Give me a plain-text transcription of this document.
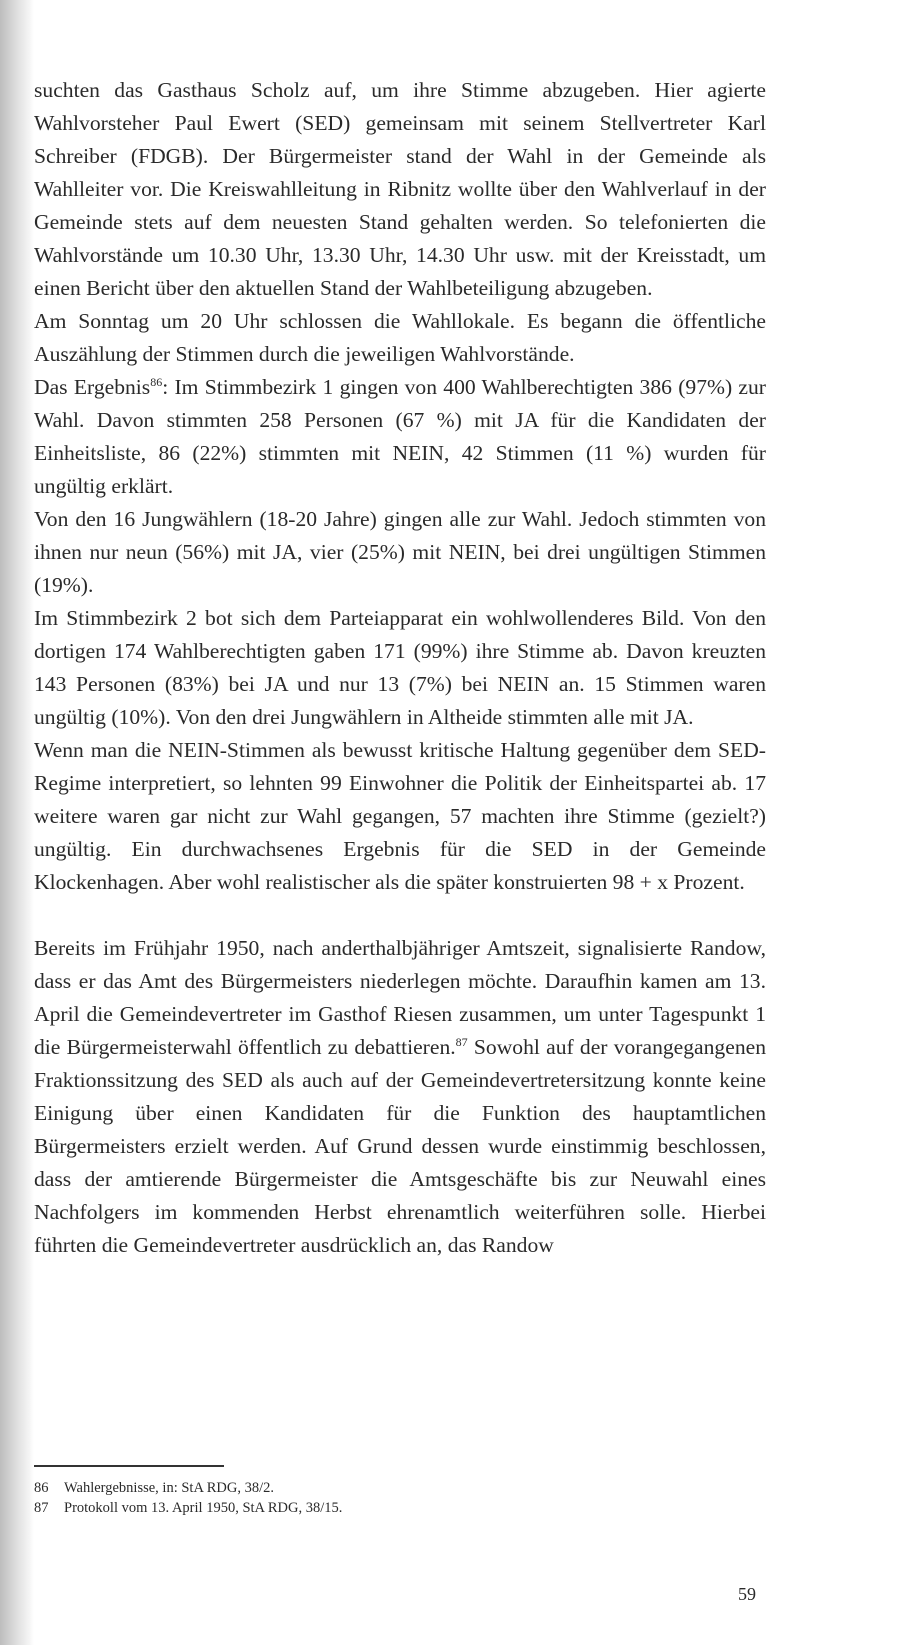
suchten das Gasthaus Scholz auf, um ihre Stimme abzugeben. Hier agierte Wahlvorsteher Paul Ewert (SED) gemeinsam mit seinem Stellvertreter Karl Schreiber (FDGB). Der Bürgermeister stand der Wahl in der Gemeinde als Wahlleiter vor. Die Kreiswahlleitung in Ribnitz wollte über den Wahlverlauf in der Gemeinde stets auf dem neuesten Stand gehalten werden. So telefonierten die Wahlvorstände um 10.30 Uhr, 13.30 Uhr, 14.30 Uhr usw. mit der Kreisstadt, um einen Bericht über den aktuellen Stand der Wahlbeteiligung abzugeben.

Am Sonntag um 20 Uhr schlossen die Wahllokale. Es begann die öffentliche Auszählung der Stimmen durch die jeweiligen Wahlvorstände.

Das Ergebnis$^{86}$: Im Stimmbezirk 1 gingen von 400 Wahlberechtigten 386 (97%) zur Wahl. Davon stimmten 258 Personen (67 %) mit JA für die Kandidaten der Einheitsliste, 86 (22%) stimmten mit NEIN, 42 Stimmen (11 %) wurden für ungültig erklärt.

Von den 16 Jungwählern (18-20 Jahre) gingen alle zur Wahl. Jedoch stimmten von ihnen nur neun (56%) mit JA, vier (25%) mit NEIN, bei drei ungültigen Stimmen (19%).

Im Stimmbezirk 2 bot sich dem Parteiapparat ein wohlwollenderes Bild. Von den dortigen 174 Wahlberechtigten gaben 171 (99%) ihre Stimme ab. Davon kreuzten 143 Personen (83%) bei JA und nur 13 (7%) bei NEIN an. 15 Stimmen waren ungültig (10%). Von den drei Jungwählern in Altheide stimmten alle mit JA.

Wenn man die NEIN-Stimmen als bewusst kritische Haltung gegenüber dem SED-Regime interpretiert, so lehnten 99 Einwohner die Politik der Einheitspartei ab. 17 weitere waren gar nicht zur Wahl gegangen, 57 machten ihre Stimme (gezielt?) ungültig. Ein durchwachsenes Ergebnis für die SED in der Gemeinde Klockenhagen. Aber wohl realistischer als die später konstruierten 98 + x Prozent.

Bereits im Frühjahr 1950, nach anderthalbjähriger Amtszeit, signalisierte Randow, dass er das Amt des Bürgermeisters niederlegen möchte. Daraufhin kamen am 13. April die Gemeindevertreter im Gasthof Riesen zusammen, um unter Tagespunkt 1 die Bürgermeisterwahl öffentlich zu debattieren.$^{87}$ Sowohl auf der vorangegangenen Fraktionssitzung des SED als auch auf der Gemeindevertretersitzung konnte keine Einigung über einen Kandidaten für die Funktion des hauptamtlichen Bürgermeisters erzielt werden. Auf Grund dessen wurde einstimmig beschlossen, dass der amtierende Bürgermeister die Amtsgeschäfte bis zur Neuwahl eines Nachfolgers im kommenden Herbst ehrenamtlich weiterführen solle. Hierbei führten die Gemeindevertreter ausdrücklich an, das Randow

86 Wahlergebnisse, in: StA RDG, 38/2.
87 Protokoll vom 13. April 1950, StA RDG, 38/15.
59
